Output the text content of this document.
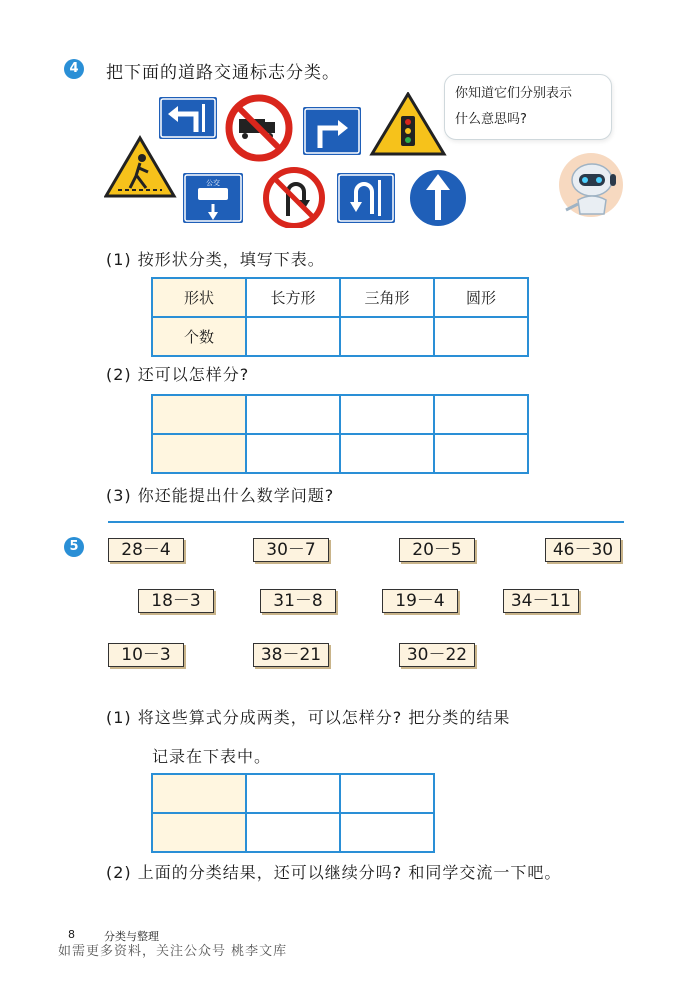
4	把下面的道路交通标志分类。
公交
你知道它们分别表示
什么意思吗?
(1) 按形状分类，填写下表。
形状	长方形	三角形	圆形
个数			
(2) 还可以怎样分?

(3) 你还能提出什么数学问题?
5	28－4	30－7	20－5	46－30
18－3	31－8	19－4	34－11
10－3	38－21	30－22
(1) 将这些算式分成两类，可以怎样分? 把分类的结果
记录在下表中。

(2) 上面的分类结果，还可以继续分吗? 和同学交流一下吧。
8	分类与整理
如需更多资料，关注公众号 桃李文库
